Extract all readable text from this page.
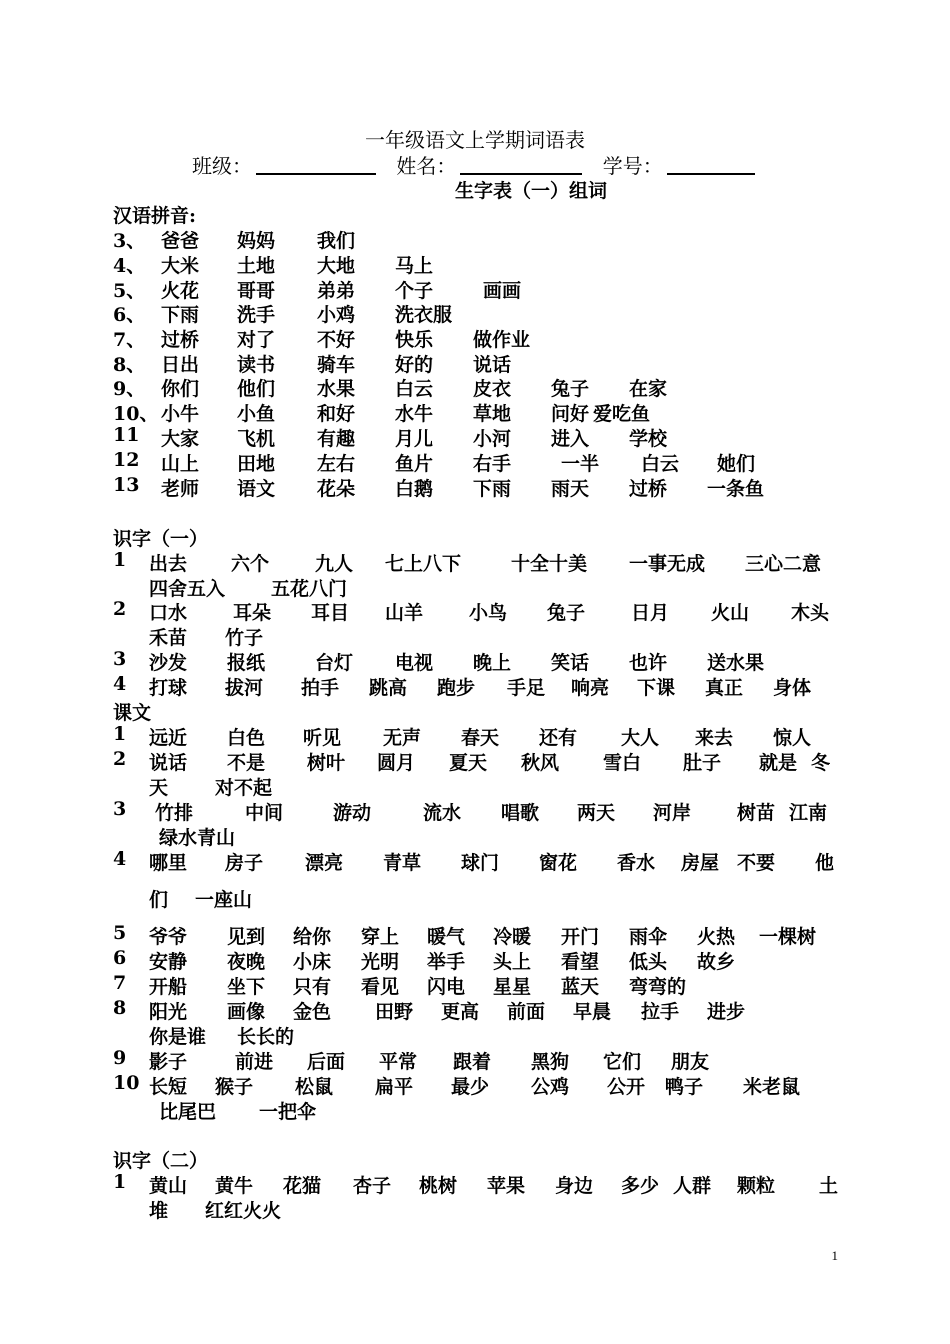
一年级语文上学期词语表
班级：	姓名：	学号：
生字表（一）组词
汉语拼音:
3、 爸爸 妈妈 我们
4、 大米 土地 大地 马上
5、 火花 哥哥 弟弟 个子	画画
6、 下雨 洗手 小鸡 洗衣服
7、 过桥 对了 不好 快乐 做作业
8、 日出 读书 骑车 好的 说话
9、 你们 他们 水果 白云 皮衣 兔子 在家
10、 小牛 小鱼 和好 水牛 草地 问好 爱吃鱼
11 大家 飞机 有趣 月儿 小河 进入 学校
12 山上 田地 左右 鱼片 右手	一半 白云 她们
13 老师 语文 花朵 白鹅 下雨 雨天 过桥 一条鱼
识字（一）
1 出去 六个 九人 七上八下	十全十美 一事无成 三心二意
四舍五入 五花八门
2 口水 耳朵 耳目 山羊 小鸟 兔子 日月 火山 木头
禾苗 竹子
3 沙发 报纸	台灯 电视 晚上 笑话 也许 送水果
4 打球 拔河 拍手 跳高 跑步 手足 响亮 下课 真正 身体
课文
1 远近 白色 听见 无声 春天 还有 大人 来去 惊人
2 说话 不是 树叶 圆月 夏天 秋风 雪白 肚子 就是 冬
天 对不起
3 竹排	中间	游动	流水 唱歌 两天 河岸 树苗 江南
绿水青山
4 哪里 房子 漂亮 青草 球门 窗花 香水 房屋 不要 他
们 一座山
5 爷爷 见到 给你 穿上 暖气 冷暖 开门 雨伞 火热 一棵树
6 安静 夜晚 小床 光明 举手 头上 看望 低头 故乡
7 开船 坐下 只有 看见 闪电 星星 蓝天 弯弯的
8 阳光 画像 金色 田野 更高 前面 早晨 拉手 进步
你是谁 长长的
9 影子	前进 后面 平常 跟着 黑狗 它们 朋友
10 长短 猴子 松鼠 扁平 最少 公鸡 公开 鸭子 米老鼠
比尾巴 一把伞
识字（二）
1 黄山 黄牛 花猫 杏子 桃树 苹果 身边 多少 人群 颗粒 土
堆 红红火火
1
